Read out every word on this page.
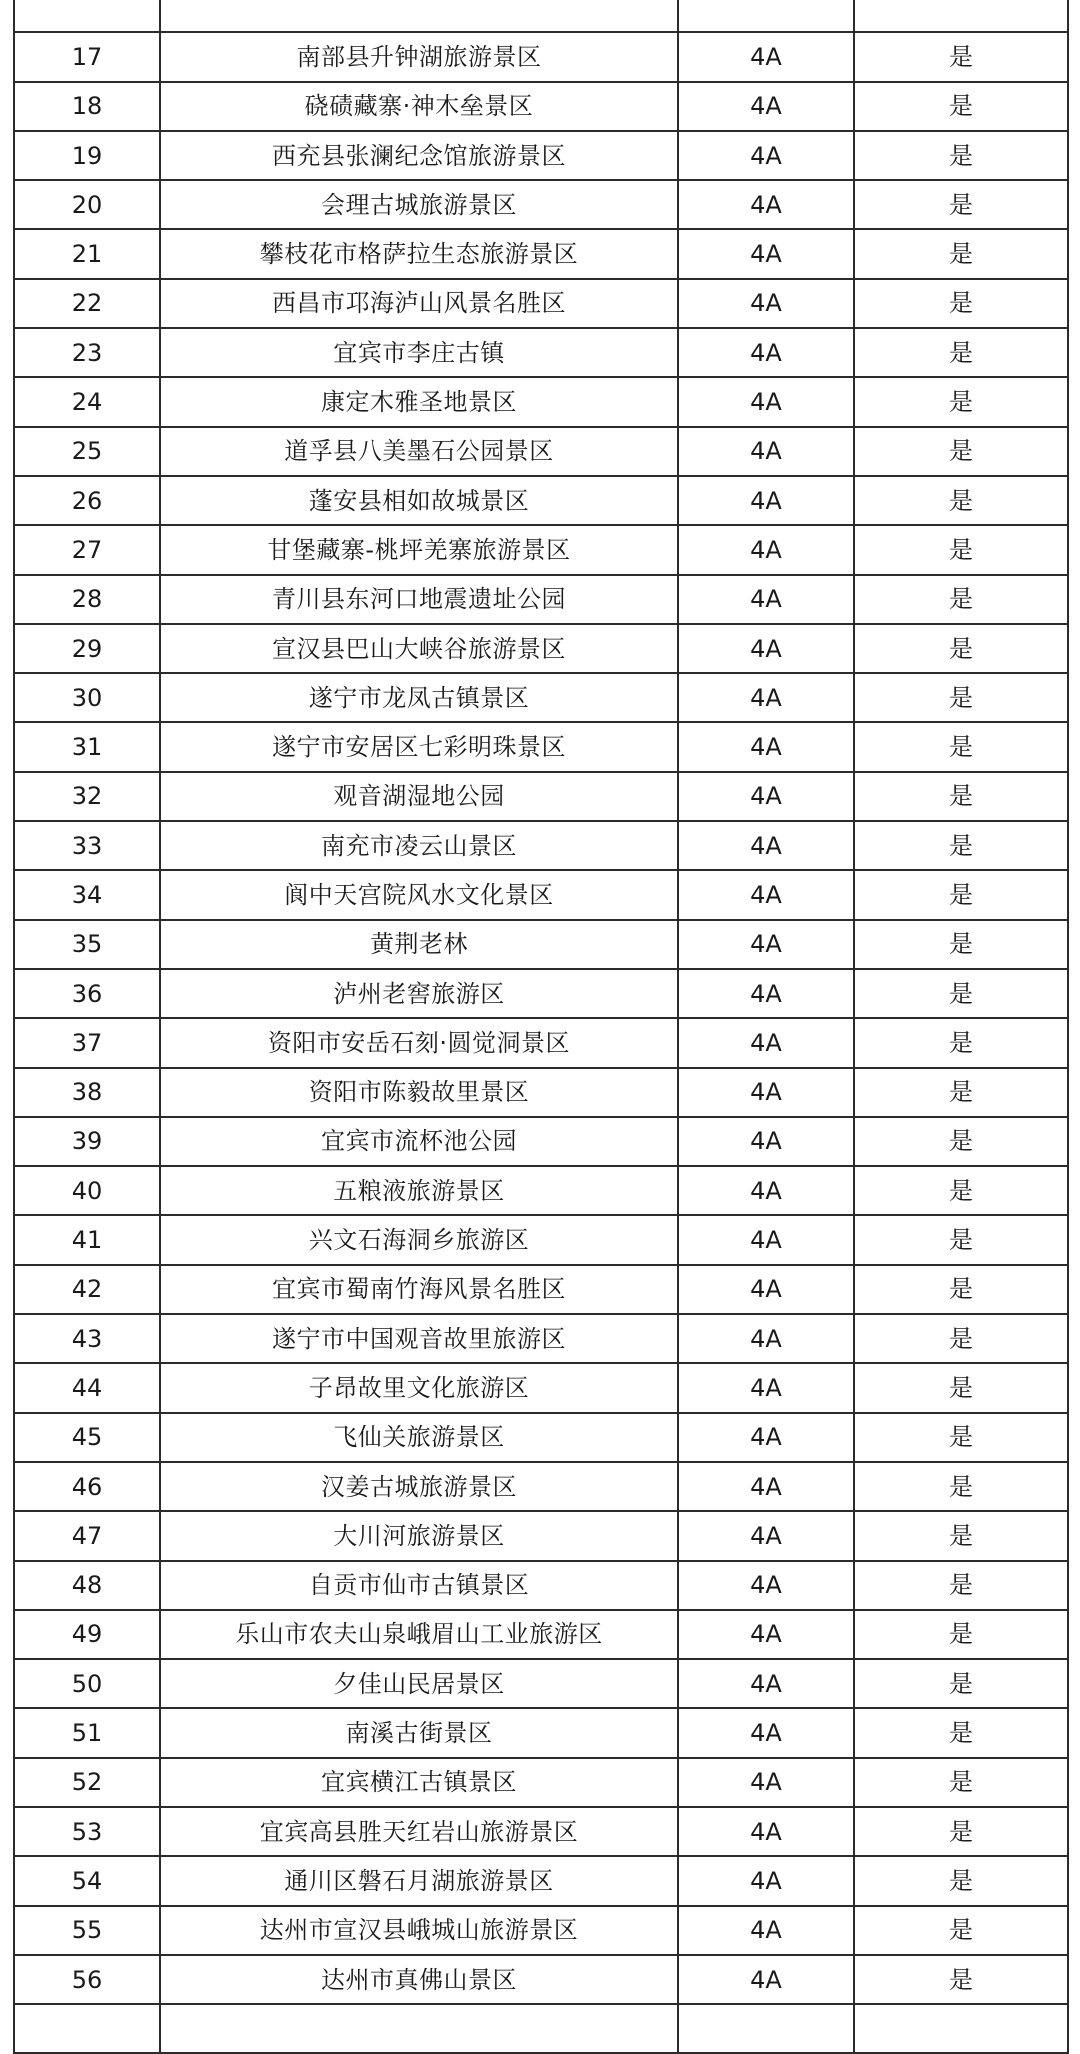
17	南部县升钟湖旅游景区	4A	是
18	硗碛藏寨·神木垒景区	4A	是
19	西充县张澜纪念馆旅游景区	4A	是
20	会理古城旅游景区	4A	是
21	攀枝花市格萨拉生态旅游景区	4A	是
22	西昌市邛海泸山风景名胜区	4A	是
23	宜宾市李庄古镇	4A	是
24	康定木雅圣地景区	4A	是
25	道孚县八美墨石公园景区	4A	是
26	蓬安县相如故城景区	4A	是
27	甘堡藏寨-桃坪羌寨旅游景区	4A	是
28	青川县东河口地震遗址公园	4A	是
29	宣汉县巴山大峡谷旅游景区	4A	是
30	遂宁市龙凤古镇景区	4A	是
31	遂宁市安居区七彩明珠景区	4A	是
32	观音湖湿地公园	4A	是
33	南充市凌云山景区	4A	是
34	阆中天宫院风水文化景区	4A	是
35	黄荆老林	4A	是
36	泸州老窖旅游区	4A	是
37	资阳市安岳石刻·圆觉洞景区	4A	是
38	资阳市陈毅故里景区	4A	是
39	宜宾市流杯池公园	4A	是
40	五粮液旅游景区	4A	是
41	兴文石海洞乡旅游区	4A	是
42	宜宾市蜀南竹海风景名胜区	4A	是
43	遂宁市中国观音故里旅游区	4A	是
44	子昂故里文化旅游区	4A	是
45	飞仙关旅游景区	4A	是
46	汉姜古城旅游景区	4A	是
47	大川河旅游景区	4A	是
48	自贡市仙市古镇景区	4A	是
49	乐山市农夫山泉峨眉山工业旅游区	4A	是
50	夕佳山民居景区	4A	是
51	南溪古街景区	4A	是
52	宜宾横江古镇景区	4A	是
53	宜宾高县胜天红岩山旅游景区	4A	是
54	通川区磐石月湖旅游景区	4A	是
55	达州市宣汉县峨城山旅游景区	4A	是
56	达州市真佛山景区	4A	是
